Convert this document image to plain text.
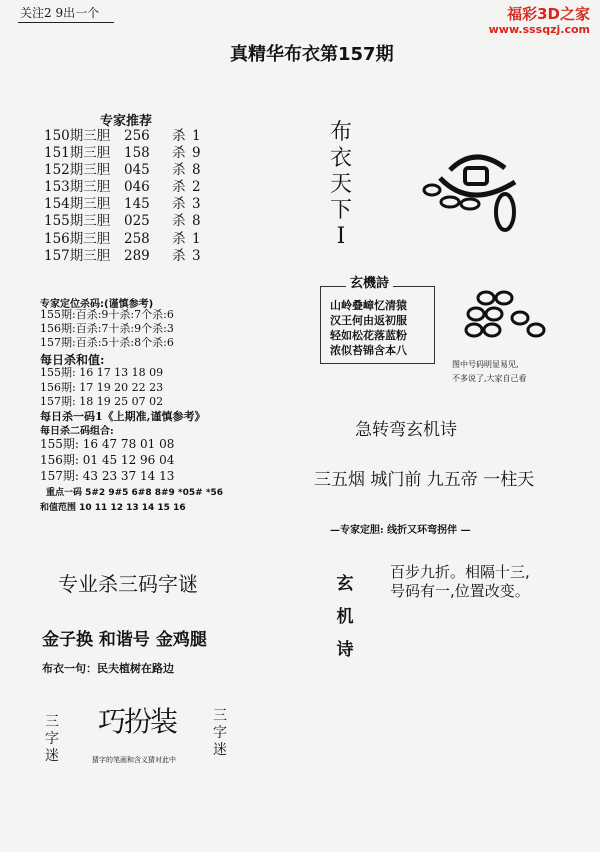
关注2 9出一个	福彩3D之家
www.sssqzj.com
真精华布衣第157期
专家推荐
150期三胆 256 杀 1
151期三胆 158 杀 9
152期三胆 045 杀 8
153期三胆 046 杀 2
154期三胆 145 杀 3
155期三胆 025 杀 8
156期三胆 258 杀 1
157期三胆 289 杀 3
专家定位杀码:(谨慎参考)
155期:百杀:9十杀:7个杀:6
156期:百杀:7十杀:9个杀:3
157期:百杀:5十杀:8个杀:6
每日杀和值:
155期: 16 17 13 18 09
156期: 17 19 20 22 23
157期: 18 19 25 07 02
每日杀一码1《上期准,谨慎参考》
每日杀二码组合:
155期: 16 47 78 01 08
156期: 01 45 12 96 04
157期: 43 23 37 14 13
重点一码 5#2 9#5 6#8 8#9 *05# *56
和值范围 10 11 12 13 14 15 16
专业杀三码字谜
金子换 和谐号 金鸡腿
布衣一句：民夫植树在路边
三字迷
巧扮装	三字迷
猜字的笔画和含义猜对此中
布衣天下I
玄機詩
山岭叠嶂忆清猿
汉王何由返初服
轻如松花落蓝粉
浓似苔锦含本八
图中号码明显易见,
不多说了,大家自己看
急转弯玄机诗
三五烟 城门前 九五帝 一柱天
—专家定胆: 线折又环弯拐伴 —
玄机诗
百步九折。相隔十三,
号码有一,位置改变。
